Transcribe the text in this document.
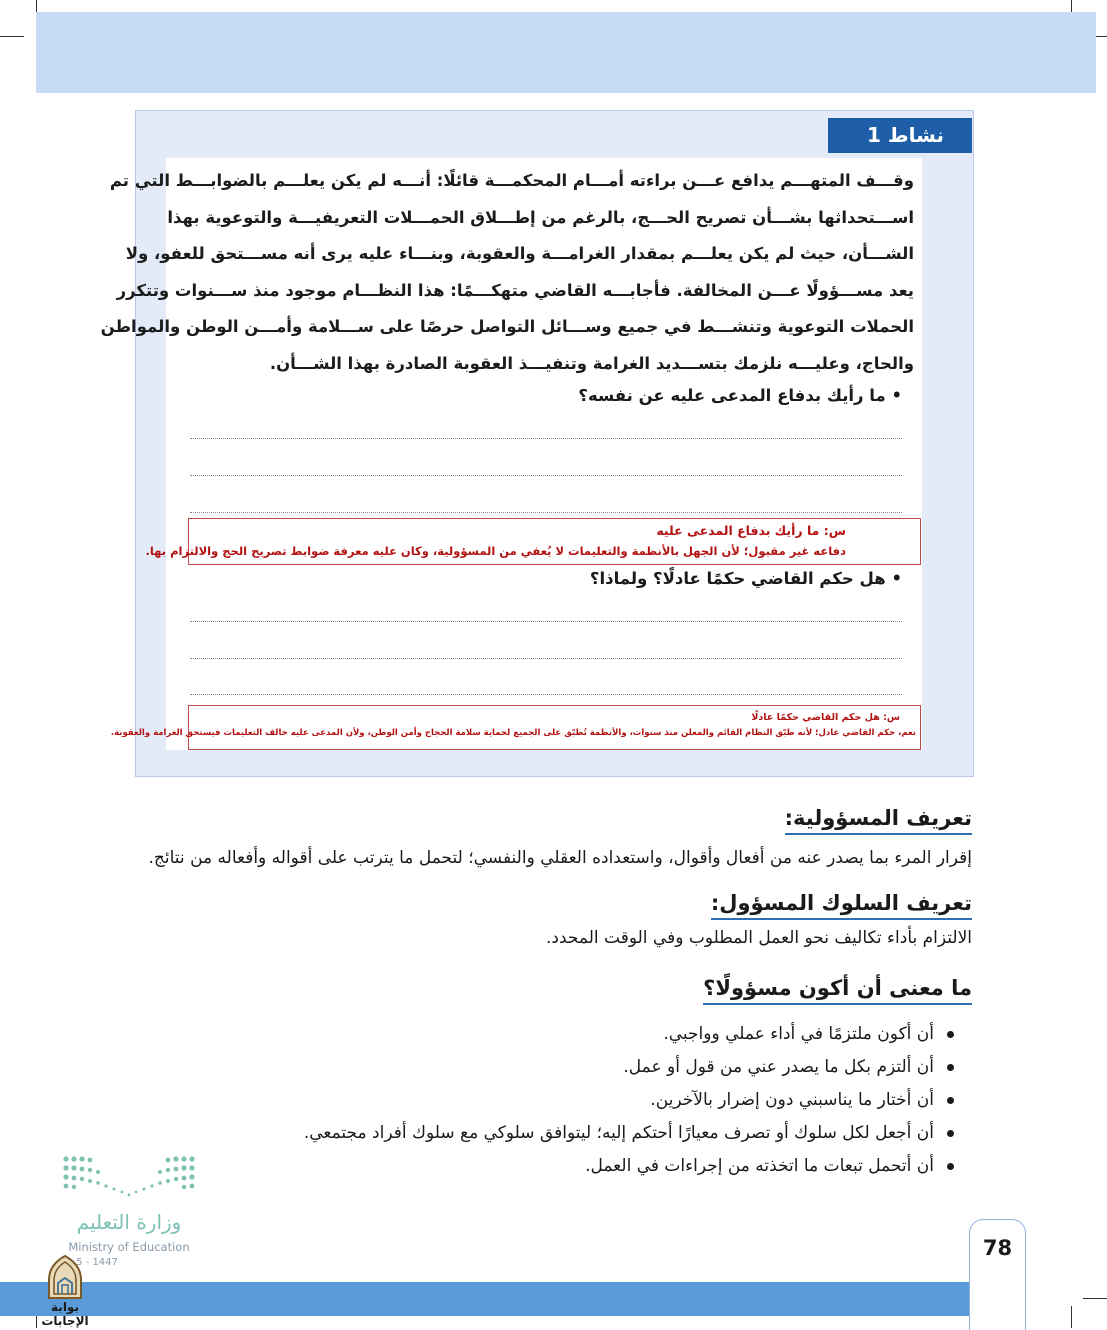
نشاط 1
وقـــف المتهـــم يدافع عـــن براءته أمـــام المحكمـــة قائلًا: أنـــه لم يكن يعلـــم بالضوابـــط التي تم
اســـتحداثها بشـــأن تصريح الحـــج، بالرغم من إطـــلاق الحمـــلات التعريفيـــة والتوعوية بهذا
الشـــأن، حيث لم يكن يعلـــم بمقدار الغرامـــة والعقوبة، وبنـــاء عليه يرى أنه مســـتحق للعفو، ولا
يعد مســـؤولًا عـــن المخالفة. فأجابـــه القاضي متهكـــمًا: هذا النظـــام موجود منذ ســـنوات وتتكرر
الحملات التوعوية وتنشـــط في جميع وســـائل التواصل حرصًا على ســـلامة وأمـــن الوطن والمواطن
والحاج، وعليـــه نلزمك بتســـديد الغرامة وتنفيـــذ العقوبة الصادرة بهذا الشـــأن.
• ما رأيك بدفاع المدعى عليه عن نفسه؟
س: ما رأيك بدفاع المدعى عليه
دفاعه غير مقبول؛ لأن الجهل بالأنظمة والتعليمات لا يُعفي من المسؤولية، وكان عليه معرفة ضوابط تصريح الحج والالتزام بها.
• هل حكم القاضي حكمًا عادلًا؟ ولماذا؟
س: هل حكم القاضي حكمًا عادلًا
نعم، حكم القاضي عادل؛ لأنه طبّق النظام القائم والمعلن منذ سنوات، والأنظمة تُطبّق على الجميع لحماية سلامة الحجاج وأمن الوطن، ولأن المدعى عليه خالف التعليمات فيستحق الغرامة والعقوبة.
تعريف المسؤولية:
إقرار المرء بما يصدر عنه من أفعال وأقوال، واستعداده العقلي والنفسي؛ لتحمل ما يترتب على أقواله وأفعاله من نتائج.
تعريف السلوك المسؤول:
الالتزام بأداء تكاليف نحو العمل المطلوب وفي الوقت المحدد.
ما معنى أن أكون مسؤولًا؟
أن أكون ملتزمًا في أداء عملي وواجبي.
أن ألتزم بكل ما يصدر عني من قول أو عمل.
أن أختار ما يناسبني دون إضرار بالآخرين.
أن أجعل لكل سلوك أو تصرف معيارًا أحتكم إليه؛ ليتوافق سلوكي مع سلوك أفراد مجتمعي.
أن أتحمل تبعات ما اتخذته من إجراءات في العمل.
وزارة التعليم
Ministry of Education
5 - 1447
78
بوابة الإجابات
